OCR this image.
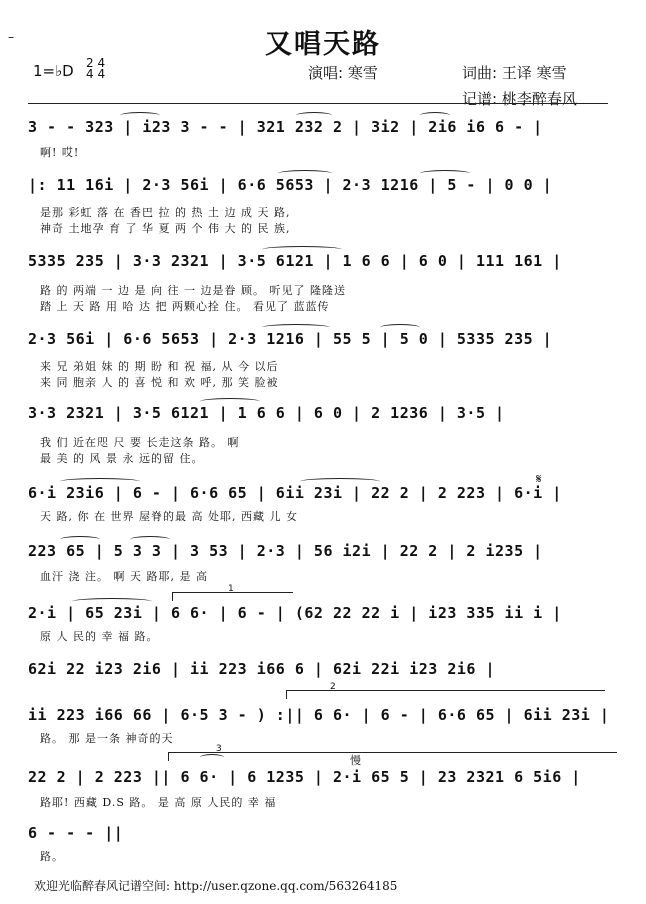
又唱天路
–
1=♭D 2 4
4 4	演唱: 寒雪	词曲: 王译 寒雪
记谱: 桃李醉春风
3 - - 323 | i23 3 - - | 321 232 2 | 3i2 | 2i6 i6 6 - |
啊! 哎!
|: 11 16i | 2·3 56i | 6·6 5653 | 2·3 1216 | 5 - | 0 0 |
是那 彩虹 落 在 香巴 拉 的 热 土 边 成 天 路,
神奇 土地孕 育 了 华 夏 两 个 伟 大 的 民 族,
5335 235 | 3·3 2321 | 3·5 6121 | 1 6 6 | 6 0 | 111 161 |
路 的 两端 一 边 是 向 往 一 边是眷 顾。 听见了 隆隆送
踏 上 天 路 用 哈 达 把 两颗心拴 住。 看见了 蓝蓝传
2·3 56i | 6·6 5653 | 2·3 1216 | 55 5 | 5 0 | 5335 235 |
来 兄 弟姐 妹 的 期 盼 和 祝 福, 从 今 以后
来 同 胞亲 人 的 喜 悦 和 欢 呼, 那 笑 脸被
3·3 2321 | 3·5 6121 | 1 6 6 | 6 0 | 2 1236 | 3·5 |
我 们 近在咫 尺 要 长走这条 路。 啊
最 美 的 风 景 永 远的留 住。
𝄋
6·i 23i6 | 6 - | 6·6 65 | 6ii 23i | 22 2 | 2 223 | 6·i |
天 路, 你 在 世界 屋脊的最 高 处耶, 西藏 儿 女
223 65 | 5 3 3 | 3 53 | 2·3 | 56 i2i | 22 2 | 2 i235 |
血汗 浇 注。 啊 天 路耶, 是 高
1
2·i | 65 23i | 6 6· | 6 - | (62 22 22 i | i23 335 ii i |
原 人 民的 幸 福 路。
62i 22 i23 2i6 | ii 223 i66 6 | 62i 22i i23 2i6 |
2
ii 223 i66 66 | 6·5 3 - ) :|| 6 6· | 6 - | 6·6 65 | 6ii 23i |
路。 那 是一条 神奇的天
3
慢
22 2 | 2 223 || 6 6· | 6 1235 | 2·i 65 5 | 23 2321 6 5i6 |
路耶! 西藏 D.S 路。 是 高 原 人民的 幸 福
6 - - - ||
路。
欢迎光临醉春风记谱空间: http://user.qzone.qq.com/563264185
